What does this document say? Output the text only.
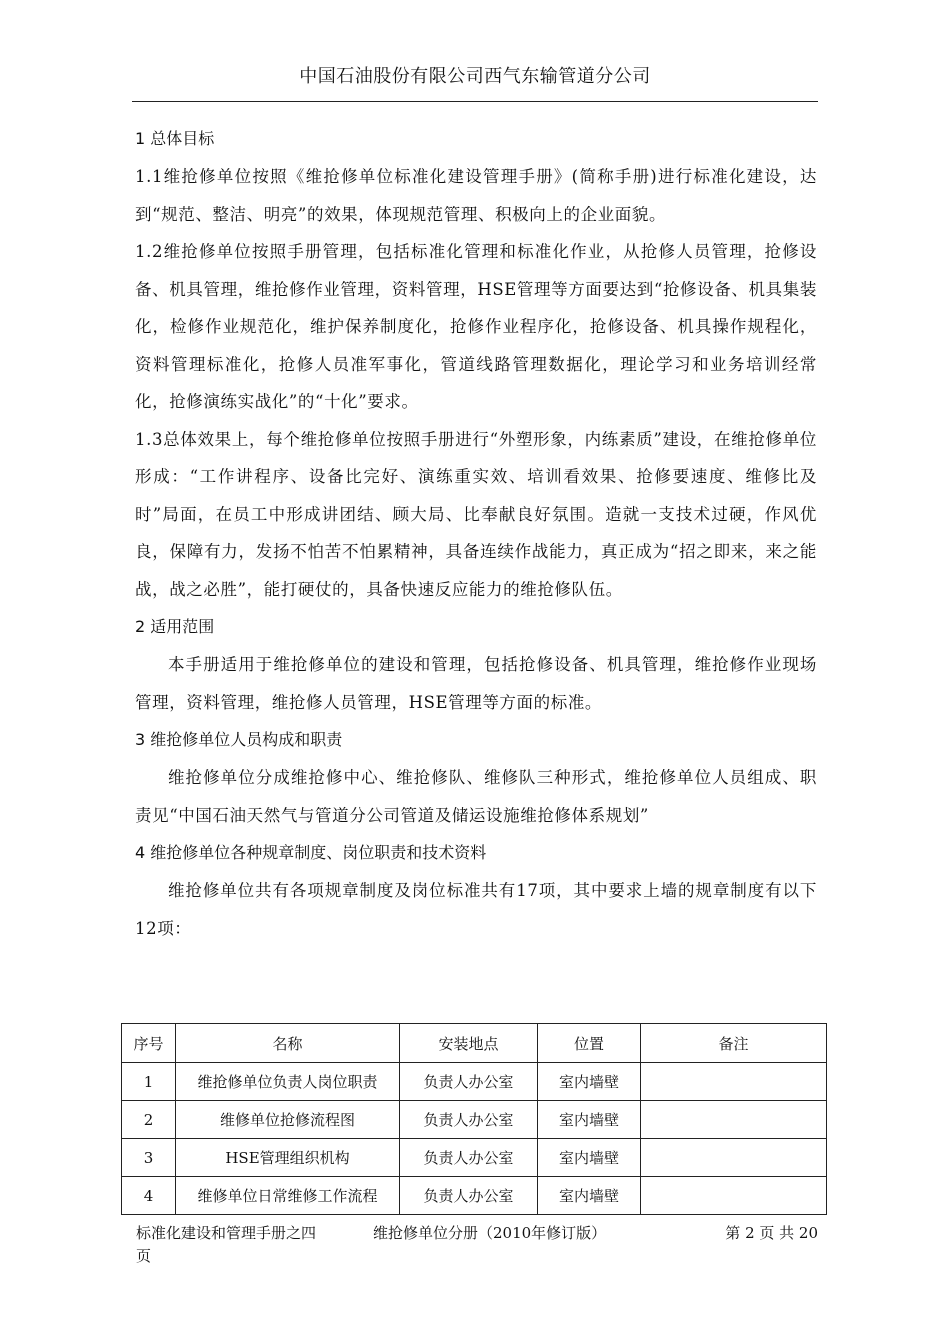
中国石油股份有限公司西气东输管道分公司
1 总体目标

1.1维抢修单位按照《维抢修单位标准化建设管理手册》(简称手册)进行标准化建设，达到“规范、整洁、明亮”的效果，体现规范管理、积极向上的企业面貌。

1.2维抢修单位按照手册管理，包括标准化管理和标准化作业，从抢修人员管理，抢修设备、机具管理，维抢修作业管理，资料管理，HSE管理等方面要达到“抢修设备、机具集装化，检修作业规范化，维护保养制度化，抢修作业程序化，抢修设备、机具操作规程化，资料管理标准化，抢修人员准军事化，管道线路管理数据化，理论学习和业务培训经常化，抢修演练实战化”的“十化”要求。

1.3总体效果上，每个维抢修单位按照手册进行“外塑形象，内练素质”建设，在维抢修单位形成：“工作讲程序、设备比完好、演练重实效、培训看效果、抢修要速度、维修比及时”局面，在员工中形成讲团结、顾大局、比奉献良好氛围。造就一支技术过硬，作风优良，保障有力，发扬不怕苦不怕累精神，具备连续作战能力，真正成为“招之即来，来之能战，战之必胜”，能打硬仗的，具备快速反应能力的维抢修队伍。

2 适用范围

本手册适用于维抢修单位的建设和管理，包括抢修设备、机具管理，维抢修作业现场管理，资料管理，维抢修人员管理，HSE管理等方面的标准。

3 维抢修单位人员构成和职责

维抢修单位分成维抢修中心、维抢修队、维修队三种形式，维抢修单位人员组成、职责见“中国石油天然气与管道分公司管道及储运设施维抢修体系规划”

4 维抢修单位各种规章制度、岗位职责和技术资料

维抢修单位共有各项规章制度及岗位标准共有17项，其中要求上墙的规章制度有以下12项：

序号	名称	安装地点	位置	备注
1	维抢修单位负责人岗位职责	负责人办公室	室内墙壁	
2	维修单位抢修流程图	负责人办公室	室内墙壁	
3	HSE管理组织机构	负责人办公室	室内墙壁	
4	维修单位日常维修工作流程	负责人办公室	室内墙壁	
标准化建设和管理手册之四	维抢修单位分册（2010年修订版）	第 2 页 共 20
页
